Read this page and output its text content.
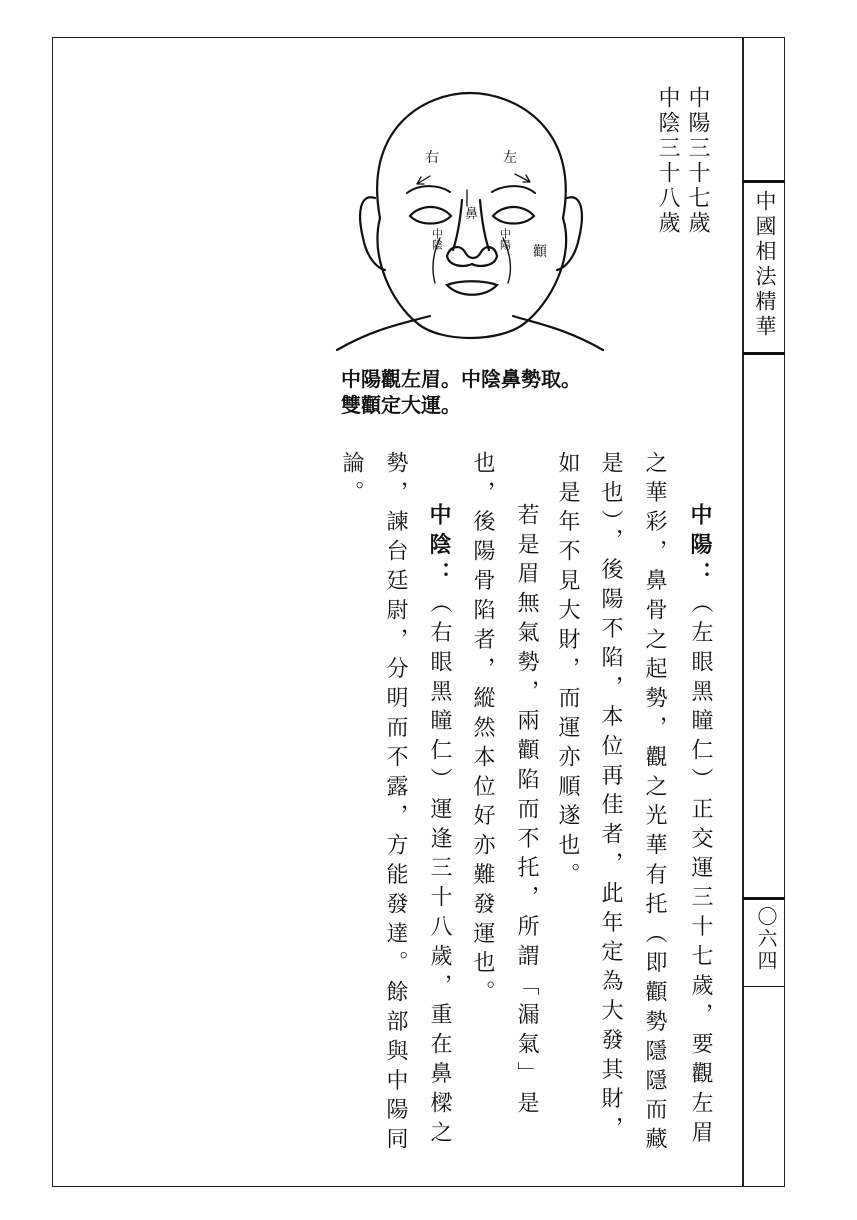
中國相法精華
〇六四
右	左
鼻
中陰	中陽
顴
中陽三十七歲
中陰三十八歲
中陽觀左眉。中陰鼻勢取。
雙顴定大運。
中陽：（左眼黑瞳仁）正交運三十七歲，要觀左眉
之華彩，鼻骨之起勢，觀之光華有托（即顴勢隱隱而藏
是也），後陽不陷，本位再佳者，此年定為大發其財，
如是年不見大財，而運亦順遂也。
若是眉無氣勢，兩顴陷而不托，所謂「漏氣」是
也，後陽骨陷者，縱然本位好亦難發運也。
中陰：（右眼黑瞳仁）運逢三十八歲，重在鼻樑之
勢，諫台廷尉，分明而不露，方能發達。餘部與中陽同
論。
